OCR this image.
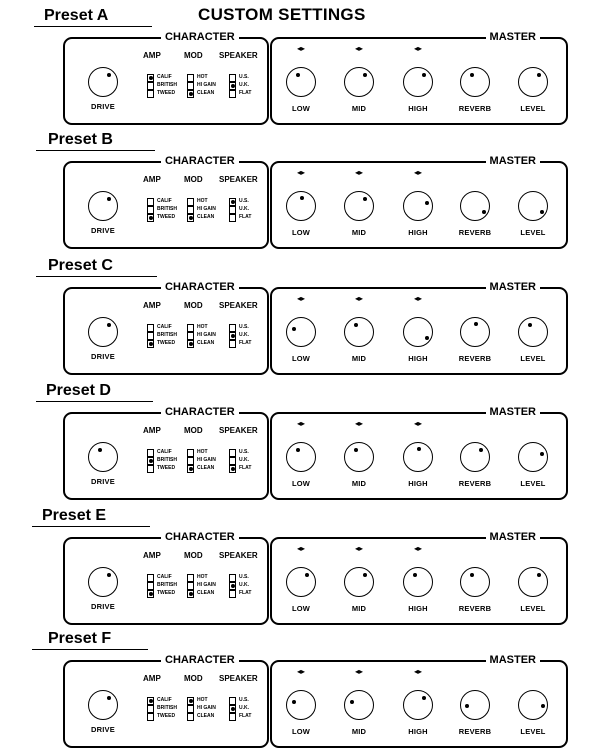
CUSTOM SETTINGS
Preset A
CHARACTER
DRIVE
AMP	MOD SPEAKER
CALIF
BRITISH
TWEED
HOT
HI GAIN
CLEAN
U.S.
U.K.
FLAT
MASTER
◂▸	◂▸	◂▸
LOW	MID	HIGH	REVERB	LEVEL
Preset B
CHARACTER
DRIVE
AMP	MOD SPEAKER
CALIF
BRITISH
TWEED
HOT
HI GAIN
CLEAN
U.S.
U.K.
FLAT
MASTER
◂▸	◂▸	◂▸
LOW	MID	HIGH	REVERB	LEVEL
Preset C
CHARACTER
DRIVE
AMP	MOD SPEAKER
CALIF
BRITISH
TWEED
HOT
HI GAIN
CLEAN
U.S.
U.K.
FLAT
MASTER
◂▸	◂▸	◂▸
LOW	MID	HIGH	REVERB	LEVEL
Preset D
CHARACTER
DRIVE
AMP	MOD SPEAKER
CALIF
BRITISH
TWEED
HOT
HI GAIN
CLEAN
U.S.
U.K.
FLAT
MASTER
◂▸	◂▸	◂▸
LOW	MID	HIGH	REVERB	LEVEL
Preset E
CHARACTER
DRIVE
AMP	MOD SPEAKER
CALIF
BRITISH
TWEED
HOT
HI GAIN
CLEAN
U.S.
U.K.
FLAT
MASTER
◂▸	◂▸	◂▸
LOW	MID	HIGH	REVERB	LEVEL
Preset F
CHARACTER
DRIVE
AMP	MOD SPEAKER
CALIF
BRITISH
TWEED
HOT
HI GAIN
CLEAN
U.S.
U.K.
FLAT
MASTER
◂▸	◂▸	◂▸
LOW	MID	HIGH	REVERB	LEVEL
